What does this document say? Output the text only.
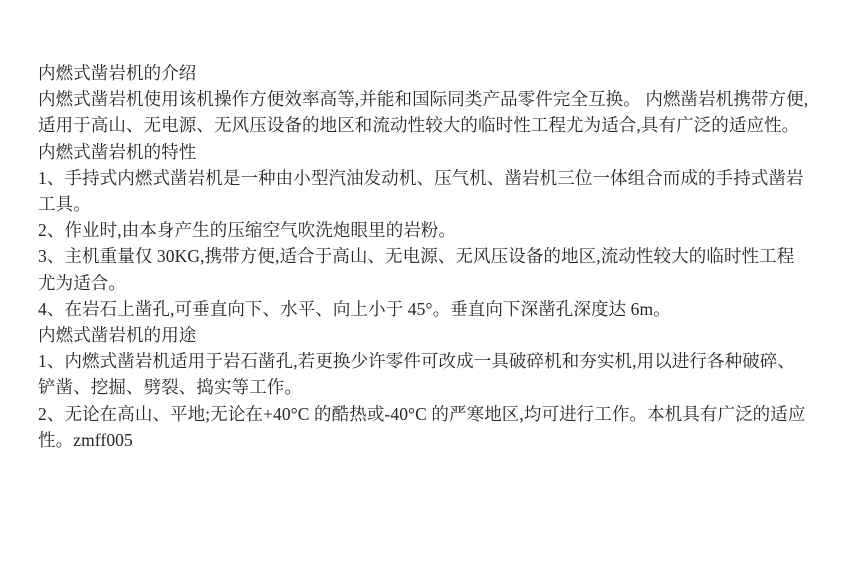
内燃式凿岩机的介绍

内燃式凿岩机使用该机操作方便效率高等,并能和国际同类产品零件完全互换。 内燃凿岩机携带方便,适用于高山、无电源、无风压设备的地区和流动性较大的临时性工程尤为适合,具有广泛的适应性。

内燃式凿岩机的特性

1、手持式内燃式凿岩机是一种由小型汽油发动机、压气机、凿岩机三位一体组合而成的手持式凿岩工具。

2、作业时,由本身产生的压缩空气吹洗炮眼里的岩粉。

3、主机重量仅 30KG,携带方便,适合于高山、无电源、无风压设备的地区,流动性较大的临时性工程尤为适合。

4、在岩石上凿孔,可垂直向下、水平、向上小于 45°。垂直向下深凿孔深度达 6m。

内燃式凿岩机的用途

1、内燃式凿岩机适用于岩石凿孔,若更换少许零件可改成一具破碎机和夯实机,用以进行各种破碎、铲凿、挖掘、劈裂、捣实等工作。

2、无论在高山、平地;无论在+40°C 的酷热或-40°C 的严寒地区,均可进行工作。本机具有广泛的适应性。zmff005
